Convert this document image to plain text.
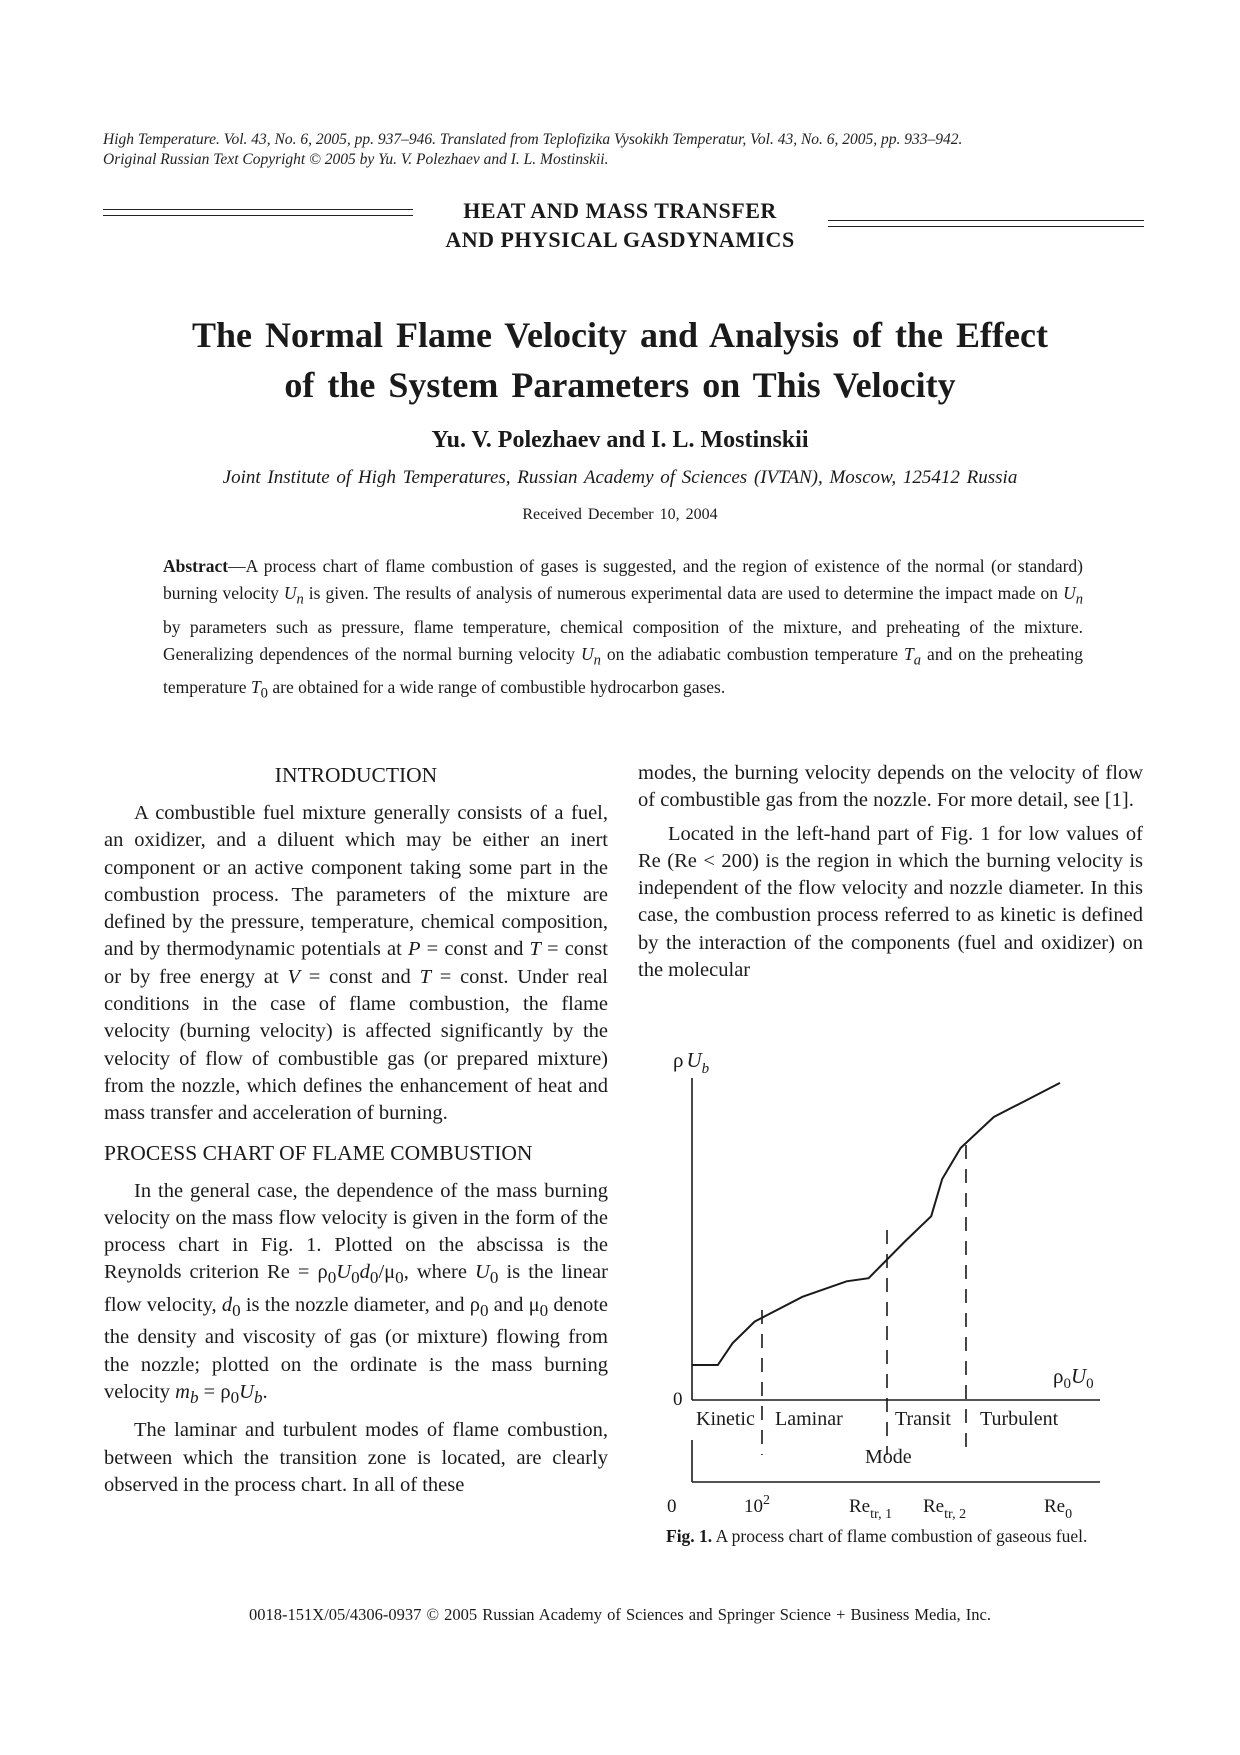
High Temperature. Vol. 43, No. 6, 2005, pp. 937–946. Translated from Teplofizika Vysokikh Temperatur, Vol. 43, No. 6, 2005, pp. 933–942.
Original Russian Text Copyright © 2005 by Yu. V. Polezhaev and I. L. Mostinskii.
HEAT AND MASS TRANSFER
AND PHYSICAL GASDYNAMICS
The Normal Flame Velocity and Analysis of the Effect
of the System Parameters on This Velocity
Yu. V. Polezhaev and I. L. Mostinskii
Joint Institute of High Temperatures, Russian Academy of Sciences (IVTAN), Moscow, 125412 Russia
Received December 10, 2004
Abstract—A process chart of flame combustion of gases is suggested, and the region of existence of the normal (or standard) burning velocity $U_n$ is given. The results of analysis of numerous experimental data are used to determine the impact made on $U_n$ by parameters such as pressure, flame temperature, chemical composition of the mixture, and preheating of the mixture. Generalizing dependences of the normal burning velocity $U_n$ on the adiabatic combustion temperature $T_a$ and on the preheating temperature $T_0$ are obtained for a wide range of combustible hydrocarbon gases.
INTRODUCTION

A combustible fuel mixture generally consists of a fuel, an oxidizer, and a diluent which may be either an inert component or an active component taking some part in the combustion process. The parameters of the mixture are defined by the pressure, temperature, chemical composition, and by thermodynamic potentials at P = const and T = const or by free energy at V = const and T = const. Under real conditions in the case of flame combustion, the flame velocity (burning velocity) is affected significantly by the velocity of flow of combustible gas (or prepared mixture) from the nozzle, which defines the enhancement of heat and mass transfer and acceleration of burning.

PROCESS CHART OF FLAME COMBUSTION

In the general case, the dependence of the mass burning velocity on the mass flow velocity is given in the form of the process chart in Fig. 1. Plotted on the abscissa is the Reynolds criterion $Re = \rho_0U_0d_0/\mu_0$, where $U_0$ is the linear flow velocity, $d_0$ is the nozzle diameter, and $\rho_0$ and $\mu_0$ denote the density and viscosity of gas (or mixture) flowing from the nozzle; plotted on the ordinate is the mass burning velocity $m_b = \rho_0U_b$.

The laminar and turbulent modes of flame combustion, between which the transition zone is located, are clearly observed in the process chart. In all of these

modes, the burning velocity depends on the velocity of flow of combustible gas from the nozzle. For more detail, see [1].

Located in the left-hand part of Fig. 1 for low values of Re (Re < 200) is the region in which the burning velocity is independent of the flow velocity and nozzle diameter. In this case, the combustion process referred to as kinetic is defined by the interaction of the components (fuel and oxidizer) on the molecular

ρ $U_b$
0
$\rho_0U_0$
Kinetic Laminar	Transit Turbulent
Mode
0	$10^2$	$Re_{tr, 1}$ $Re_{tr, 2}$	$Re_0$
Fig. 1. A process chart of flame combustion of gaseous fuel.
0018-151X/05/4306-0937 © 2005 Russian Academy of Sciences and Springer Science + Business Media, Inc.
